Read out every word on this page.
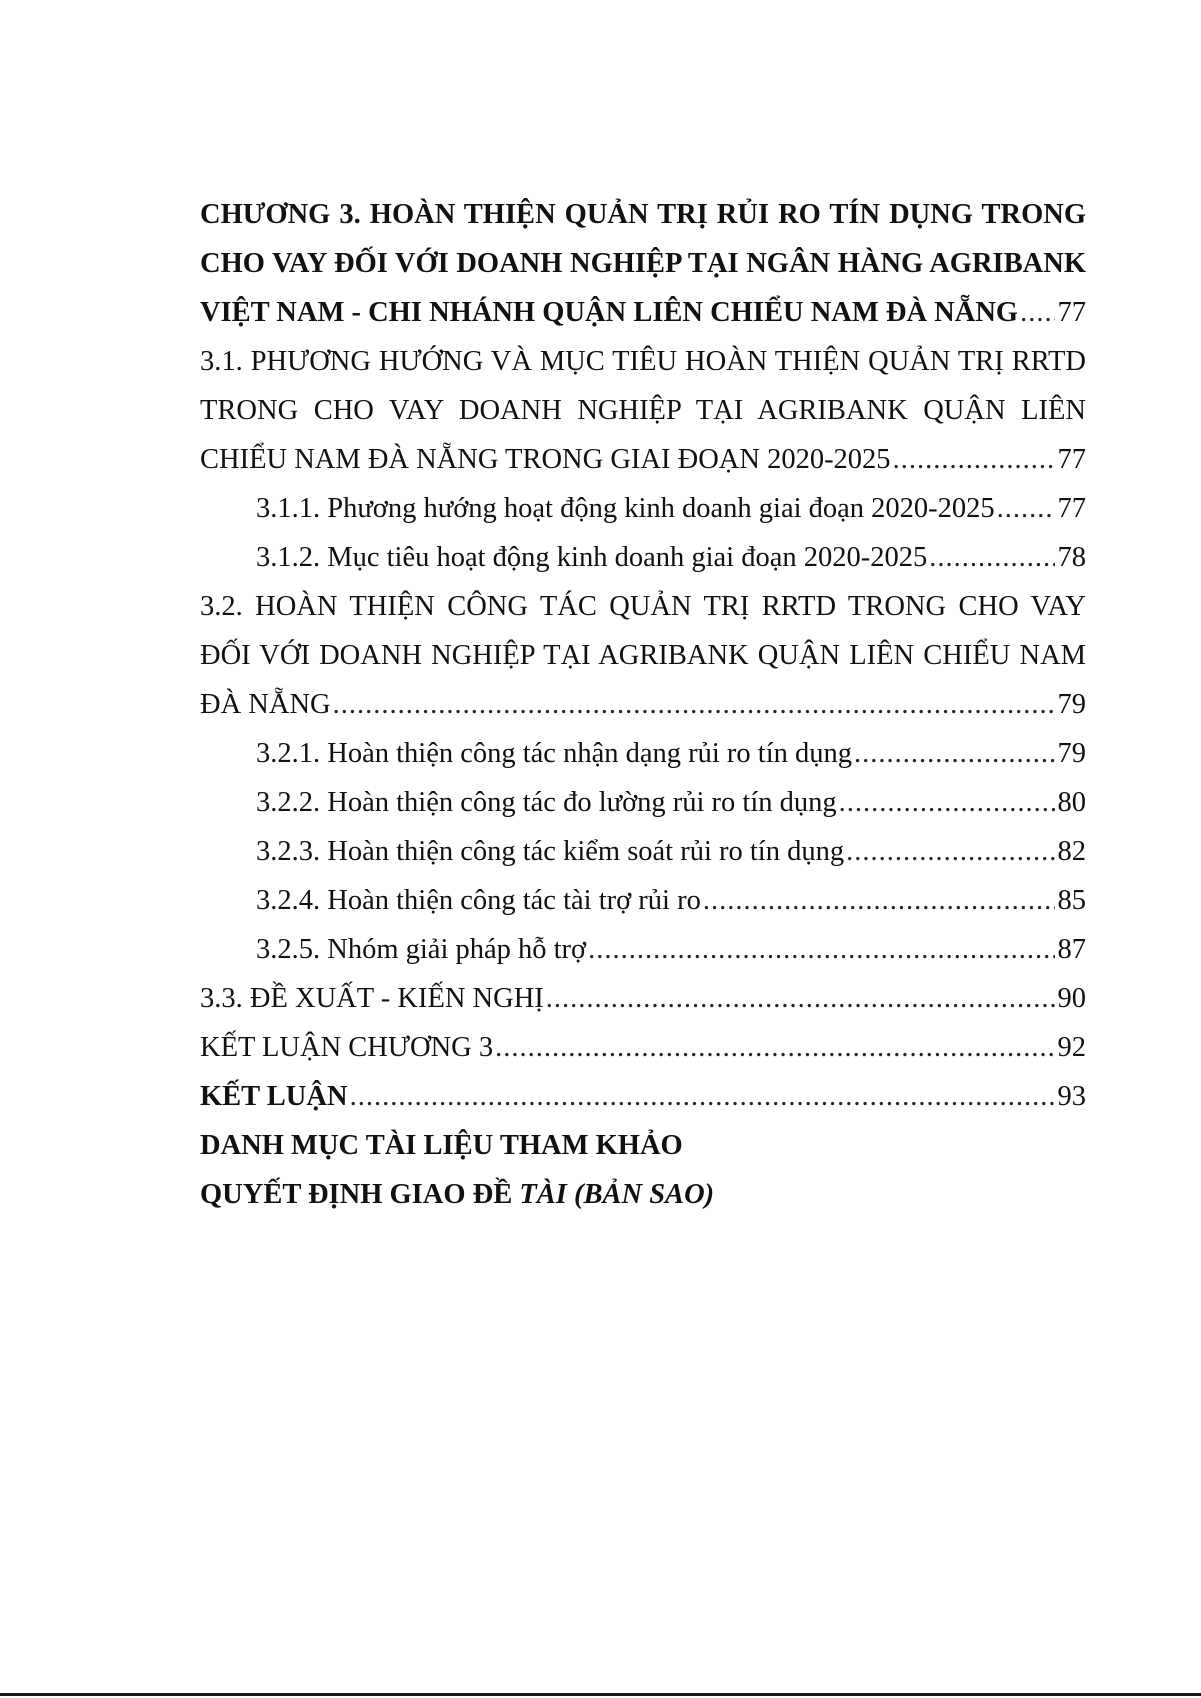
CHƯƠNG 3. HOÀN THIỆN QUẢN TRỊ RỦI RO TÍN DỤNG TRONG
CHO VAY ĐỐI VỚI DOANH NGHIỆP TẠI NGÂN HÀNG AGRIBANK
VIỆT NAM - CHI NHÁNH QUẬN LIÊN CHIỂU NAM ĐÀ NẴNG ..... 77
3.1. PHƯƠNG HƯỚNG VÀ MỤC TIÊU HOÀN THIỆN QUẢN TRỊ RRTD
TRONG CHO VAY DOANH NGHIỆP TẠI AGRIBANK QUẬN LIÊN
CHIỂU NAM ĐÀ NẴNG TRONG GIAI ĐOẠN 2020-2025 .....	77
3.1.1. Phương hướng hoạt động kinh doanh giai đoạn 2020-2025 ..... 77
3.1.2. Mục tiêu hoạt động kinh doanh giai đoạn 2020-2025 .....	78
3.2. HOÀN THIỆN CÔNG TÁC QUẢN TRỊ RRTD TRONG CHO VAY
ĐỐI VỚI DOANH NGHIỆP TẠI AGRIBANK QUẬN LIÊN CHIỂU NAM
ĐÀ NẴNG .....	79
3.2.1. Hoàn thiện công tác nhận dạng rủi ro tín dụng .....	79
3.2.2. Hoàn thiện công tác đo lường rủi ro tín dụng .....	80
3.2.3. Hoàn thiện công tác kiểm soát rủi ro tín dụng .....	82
3.2.4. Hoàn thiện công tác tài trợ rủi ro .....	85
3.2.5. Nhóm giải pháp hỗ trợ .....	87
3.3. ĐỀ XUẤT - KIẾN NGHỊ .....	90
KẾT LUẬN CHƯƠNG 3 .....	92
KẾT LUẬN .....	93
DANH MỤC TÀI LIỆU THAM KHẢO
QUYẾT ĐỊNH GIAO ĐỀ TÀI (BẢN SAO)
